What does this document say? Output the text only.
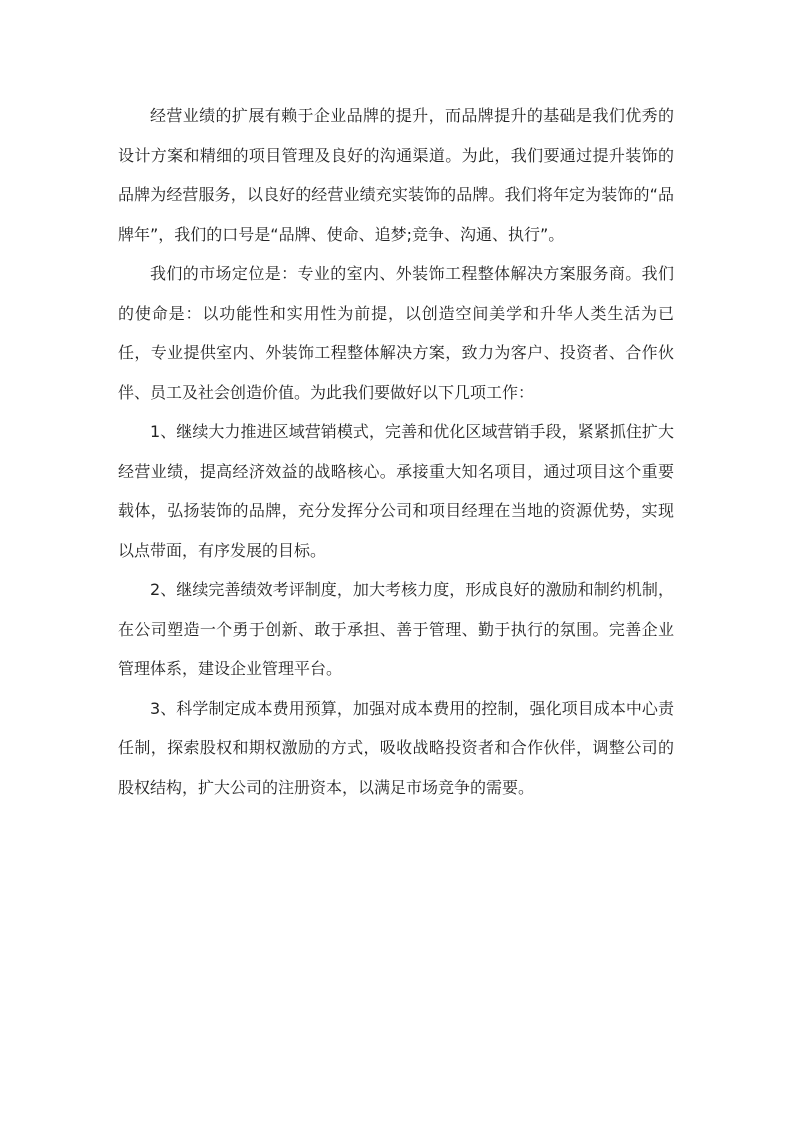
经营业绩的扩展有赖于企业品牌的提升，而品牌提升的基础是我们优秀的设计方案和精细的项目管理及良好的沟通渠道。为此，我们要通过提升装饰的品牌为经营服务，以良好的经营业绩充实装饰的品牌。我们将年定为装饰的“品牌年”，我们的口号是“品牌、使命、追梦;竞争、沟通、执行”。

我们的市场定位是：专业的室内、外装饰工程整体解决方案服务商。我们的使命是：以功能性和实用性为前提，以创造空间美学和升华人类生活为已任，专业提供室内、外装饰工程整体解决方案，致力为客户、投资者、合作伙伴、员工及社会创造价值。为此我们要做好以下几项工作：

1、继续大力推进区域营销模式，完善和优化区域营销手段，紧紧抓住扩大经营业绩，提高经济效益的战略核心。承接重大知名项目，通过项目这个重要载体，弘扬装饰的品牌，充分发挥分公司和项目经理在当地的资源优势，实现以点带面，有序发展的目标。

2、继续完善绩效考评制度，加大考核力度，形成良好的激励和制约机制，在公司塑造一个勇于创新、敢于承担、善于管理、勤于执行的氛围。完善企业管理体系，建设企业管理平台。

3、科学制定成本费用预算，加强对成本费用的控制，强化项目成本中心责任制，探索股权和期权激励的方式，吸收战略投资者和合作伙伴，调整公司的股权结构，扩大公司的注册资本，以满足市场竞争的需要。
